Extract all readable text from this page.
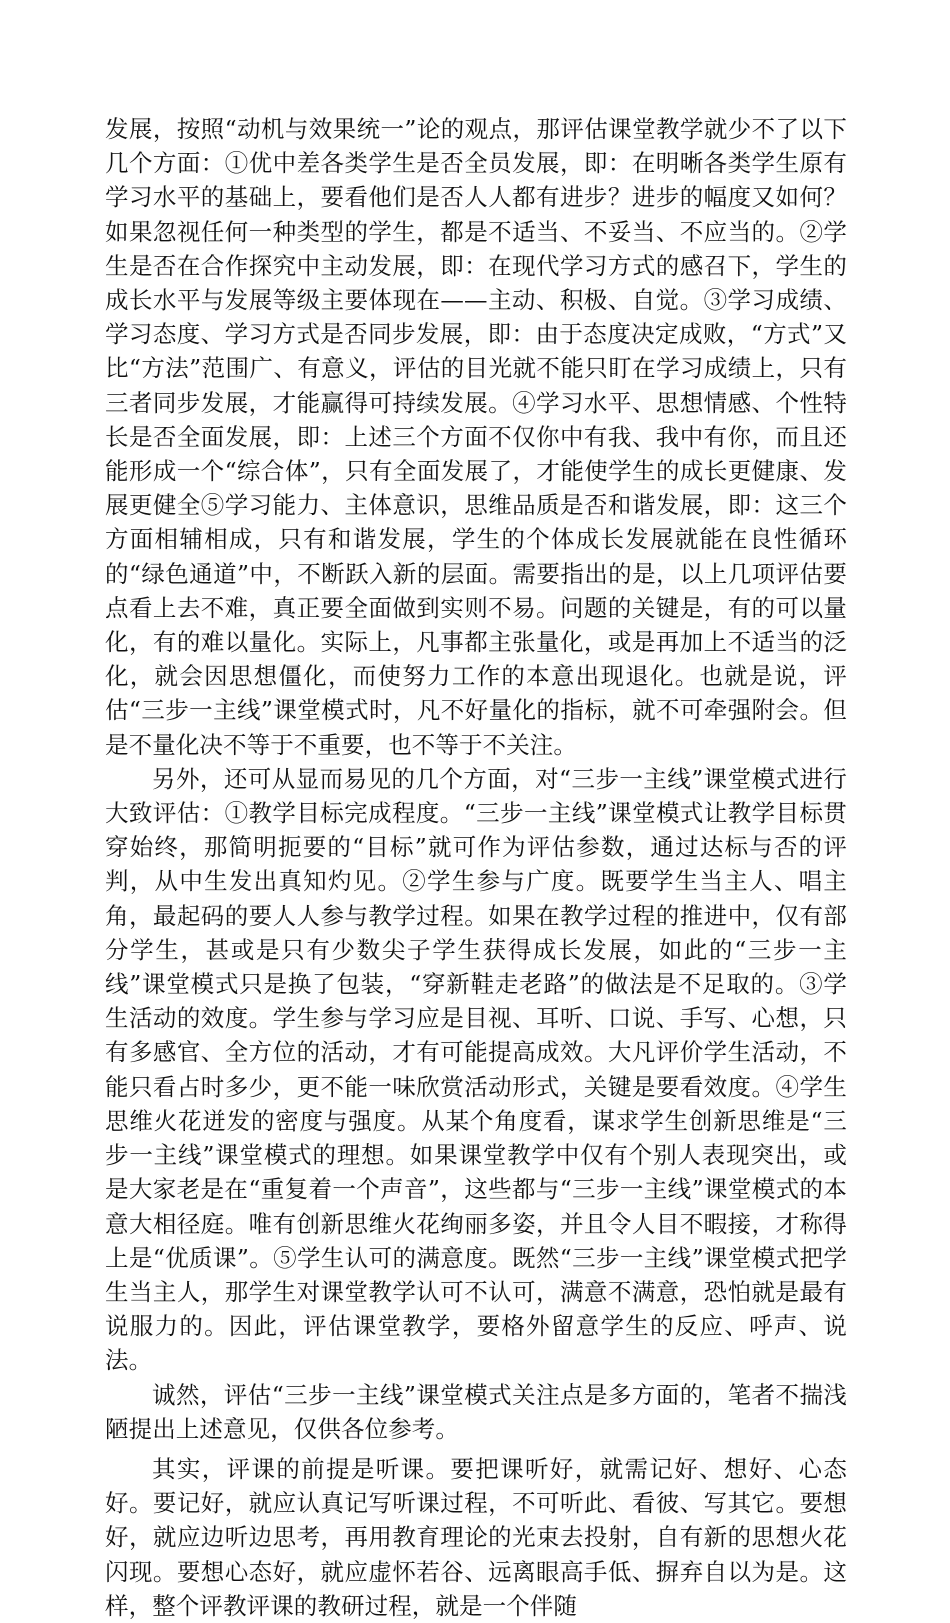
发展，按照“动机与效果统一”论的观点，那评估课堂教学就少不了以下几个方面：①优中差各类学生是否全员发展，即：在明晰各类学生原有学习水平的基础上，要看他们是否人人都有进步？进步的幅度又如何？如果忽视任何一种类型的学生，都是不适当、不妥当、不应当的。②学生是否在合作探究中主动发展，即：在现代学习方式的感召下，学生的成长水平与发展等级主要体现在——主动、积极、自觉。③学习成绩、学习态度、学习方式是否同步发展，即：由于态度决定成败，“方式”又比“方法”范围广、有意义，评估的目光就不能只盯在学习成绩上，只有三者同步发展，才能赢得可持续发展。④学习水平、思想情感、个性特长是否全面发展，即：上述三个方面不仅你中有我、我中有你，而且还能形成一个“综合体”，只有全面发展了，才能使学生的成长更健康、发展更健全⑤学习能力、主体意识，思维品质是否和谐发展，即：这三个方面相辅相成，只有和谐发展，学生的个体成长发展就能在良性循环的“绿色通道”中，不断跃入新的层面。需要指出的是，以上几项评估要点看上去不难，真正要全面做到实则不易。问题的关键是，有的可以量化，有的难以量化。实际上，凡事都主张量化，或是再加上不适当的泛化，就会因思想僵化，而使努力工作的本意出现退化。也就是说，评估“三步一主线”课堂模式时，凡不好量化的指标，就不可牵强附会。但是不量化决不等于不重要，也不等于不关注。

另外，还可从显而易见的几个方面，对“三步一主线”课堂模式进行大致评估：①教学目标完成程度。“三步一主线”课堂模式让教学目标贯穿始终，那简明扼要的“目标”就可作为评估参数，通过达标与否的评判，从中生发出真知灼见。②学生参与广度。既要学生当主人、唱主角，最起码的要人人参与教学过程。如果在教学过程的推进中，仅有部分学生，甚或是只有少数尖子学生获得成长发展，如此的“三步一主线”课堂模式只是换了包装，“穿新鞋走老路”的做法是不足取的。③学生活动的效度。学生参与学习应是目视、耳听、口说、手写、心想，只有多感官、全方位的活动，才有可能提高成效。大凡评价学生活动，不能只看占时多少，更不能一味欣赏活动形式，关键是要看效度。④学生思维火花迸发的密度与强度。从某个角度看，谋求学生创新思维是“三步一主线”课堂模式的理想。如果课堂教学中仅有个别人表现突出，或是大家老是在“重复着一个声音”，这些都与“三步一主线”课堂模式的本意大相径庭。唯有创新思维火花绚丽多姿，并且令人目不暇接，才称得上是“优质课”。⑤学生认可的满意度。既然“三步一主线”课堂模式把学生当主人，那学生对课堂教学认可不认可，满意不满意，恐怕就是最有说服力的。因此，评估课堂教学，要格外留意学生的反应、呼声、说法。

诚然，评估“三步一主线”课堂模式关注点是多方面的，笔者不揣浅陋提出上述意见，仅供各位参考。

其实，评课的前提是听课。要把课听好，就需记好、想好、心态好。要记好，就应认真记写听课过程，不可听此、看彼、写其它。要想好，就应边听边思考，再用教育理论的光束去投射，自有新的思想火花闪现。要想心态好，就应虚怀若谷、远离眼高手低、摒弃自以为是。这样，整个评教评课的教研过程，就是一个伴随
